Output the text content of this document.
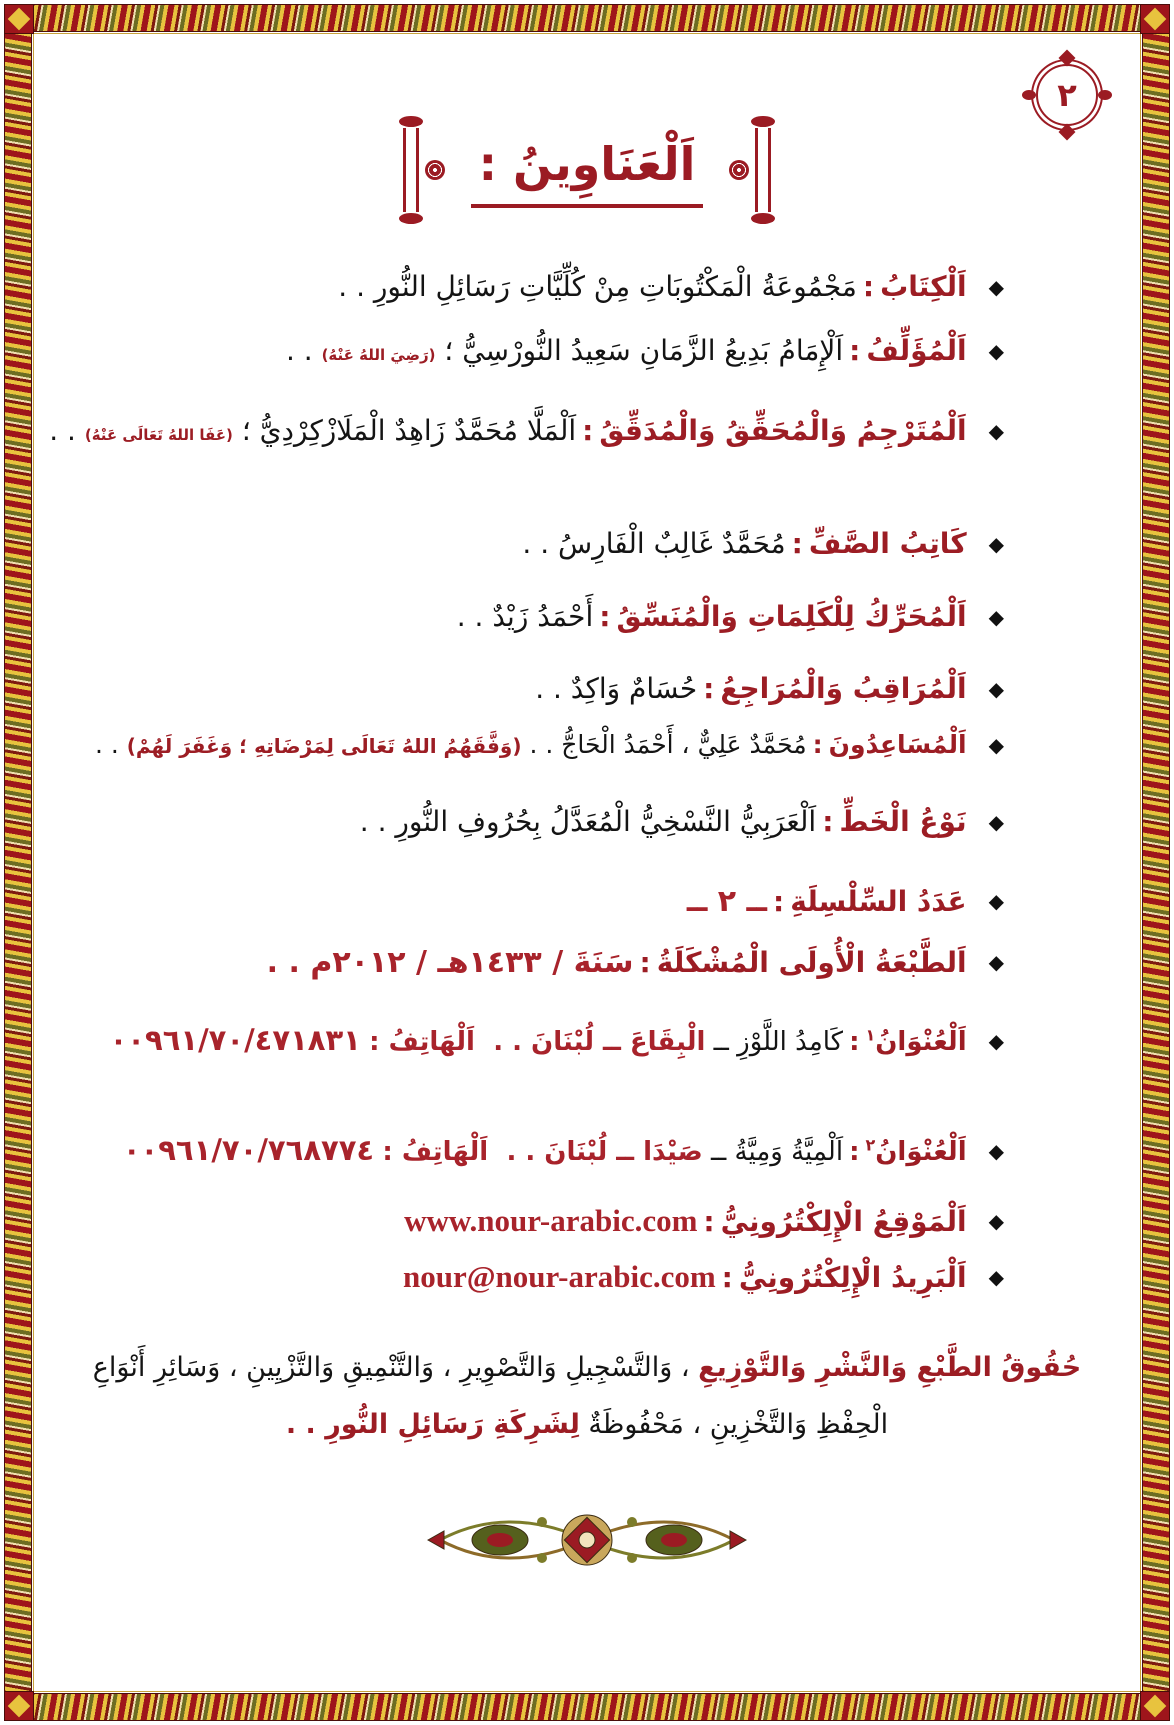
٢
اَلْعَنَاوِينُ :
◆
اَلْكِتَابُ:مَجْمُوعَةُ الْمَكْتُوبَاتِ مِنْ كُلِّيَّاتِ رَسَائِلِ النُّورِ . .
◆
اَلْمُؤَلِّفُ:اَلْإِمَامُ بَدِيعُ الزَّمَانِ سَعِيدُ النُّورْسِيُّ ؛ (رَضِيَ اللهُ عَنْهُ) . .
◆
اَلْمُتَرْجِمُ وَالْمُحَقِّقُ وَالْمُدَقِّقُ:اَلْمَلَّا مُحَمَّدٌ زَاهِدٌ الْمَلَازْكِرْدِيُّ ؛ (عَفَا اللهُ تَعَالَى عَنْهُ) . .
◆
كَاتِبُ الصَّفِّ:مُحَمَّدٌ غَالِبٌ الْفَارِسُ . .
◆
اَلْمُحَرِّكُ لِلْكَلِمَاتِ وَالْمُنَسِّقُ:أَحْمَدُ زَيْدٌ . .
◆
اَلْمُرَاقِبُ وَالْمُرَاجِعُ:حُسَامٌ وَاكِدٌ . .
◆
اَلْمُسَاعِدُونَ:مُحَمَّدٌ عَلِيٌّ ، أَحْمَدُ الْحَاجُّ . . (وَفَّقَهُمُ اللهُ تَعَالَى لِمَرْضَاتِهِ ؛ وَغَفَرَ لَهُمْ) . .
◆
نَوْعُ الْخَطِّ:اَلْعَرَبِيُّ النَّسْخِيُّ الْمُعَدَّلُ بِحُرُوفِ النُّورِ . .
◆
عَدَدُ السِّلْسِلَةِ:ــ ٢ ــ
◆
اَلطَّبْعَةُ الْأُولَى الْمُشْكَلَةُ:سَنَةَ / ١٤٣٣هـ / ٢٠١٢م . .
◆
اَلْعُنْوَانُ$^١$:كَامِدُ اللَّوْزِ ــ الْبِقَاعَ ــ لُبْنَانَ . . اَلْهَاتِفُ : ٠٠٩٦١/٧٠/٤٧١٨٣١
◆
اَلْعُنْوَانُ$^٢$:اَلْمِيَّةُ وَمِيَّةُ ــ صَيْدَا ــ لُبْنَانَ . . اَلْهَاتِفُ : ٠٠٩٦١/٧٠/٧٦٨٧٧٤
◆
اَلْمَوْقِعُ الْإِلِكْتُرُونِيُّ:www.nour-arabic.com
◆
اَلْبَرِيدُ الْإِلِكْتُرُونِيُّ:nour@nour-arabic.com
حُقُوقُ الطَّبْعِ وَالنَّشْرِ وَالتَّوْزِيعِ ، وَالتَّسْجِيلِ وَالتَّصْوِيرِ ، وَالتَّنْمِيقِ وَالتَّزْيِينِ ، وَسَائِرِ أَنْوَاعِ الْحِفْظِ وَالتَّخْزِينِ ، مَحْفُوظَةٌ لِشَرِكَةِ رَسَائِلِ النُّورِ . .
